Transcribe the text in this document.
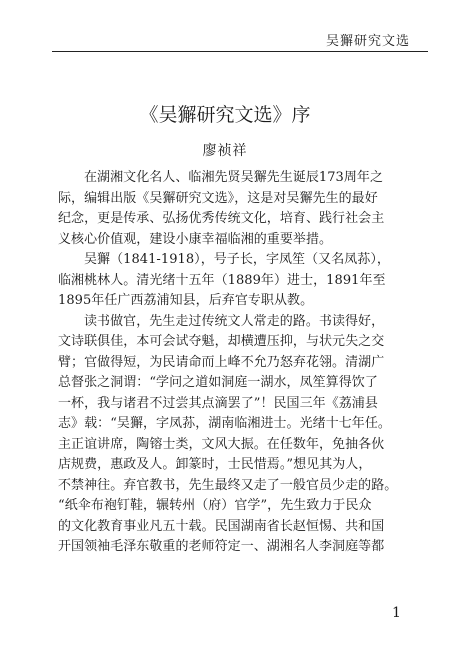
吴獬研究文选
《吴獬研究文选》序
廖祯祥
在湖湘文化名人、临湘先贤吴獬先生诞辰173周年之
际，编辑出版《吴獬研究文选》，这是对吴獬先生的最好
纪念，更是传承、弘扬优秀传统文化，培育、践行社会主
义核心价值观，建设小康幸福临湘的重要举措。
吴獬（1841-1918），号子长，字凤笙（又名凤荪），
临湘桃林人。清光绪十五年（1889年）进士，1891年至
1895年任广西荔浦知县，后弃官专职从教。
读书做官，先生走过传统文人常走的路。书读得好，
文诗联俱佳，本可会试夺魁，却横遭压抑，与状元失之交
臂；官做得短，为民请命而上峰不允乃怒弃花翎。清湖广
总督张之洞谓：“学问之道如洞庭一湖水，凤笙算得饮了
一杯，我与诸君不过尝其点滴罢了”！民国三年《荔浦县
志》载：“吴獬，字凤荪，湖南临湘进士。光绪十七年任。
主正谊讲席，陶镕士类，文风大振。在任数年，免抽各伙
店规费，惠政及人。卸篆时，士民惜焉。”想见其为人，
不禁神往。弃官教书，先生最终又走了一般官员少走的路。
“纸伞布袍钉鞋，辗转州（府）官学”，先生致力于民众
的文化教育事业凡五十载。民国湖南省长赵恒惕、共和国
开国领袖毛泽东敬重的老师符定一、湖湘名人李洞庭等都
1
